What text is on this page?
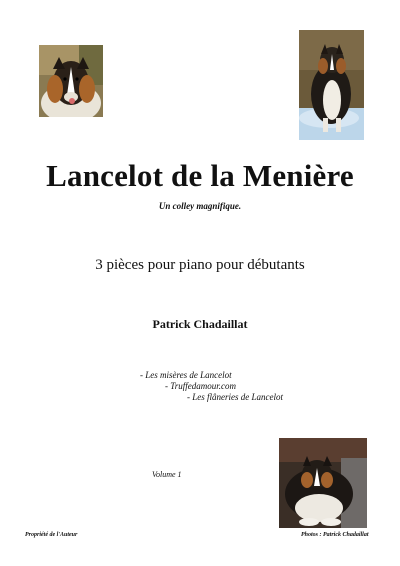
Lancelot de la Menière
Un colley magnifique.
3 pièces pour piano pour débutants
Patrick Chadaillat
- Les misères de Lancelot
- Truffedamour.com
- Les flâneries de Lancelot
Volume 1
Propriété de l'Auteur	Photos : Patrick Chadaillat
